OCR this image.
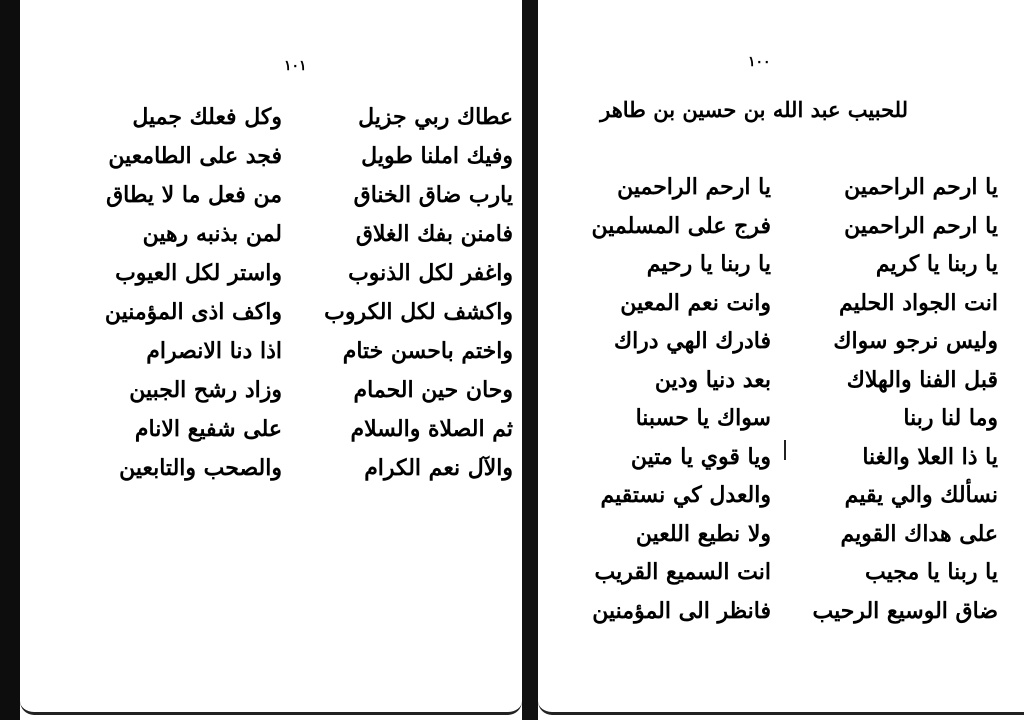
١٠١
عطاك ربي جزيل
وفيك املنا طويل
يارب ضاق الخناق
فامنن بفك الغلاق
واغفر لكل الذنوب
واكشف لكل الكروب
واختم باحسن ختام
وحان حين الحمام
ثم الصلاة والسلام
والآل نعم الكرام
وكل فعلك جميل
فجد على الطامعين
من فعل ما لا يطاق
لمن بذنبه رهين
واستر لكل العيوب
واكف اذى المؤمنين
اذا دنا الانصرام
وزاد رشح الجبين
على شفيع الانام
والصحب والتابعين
١٠٠
للحبيب عبد الله بن حسين بن طاهر
يا ارحم الراحمين
يا ارحم الراحمين
يا ربنا يا كريم
انت الجواد الحليم
وليس نرجو سواك
قبل الفنا والهلاك
وما لنا ربنا
يا ذا العلا والغنا
نسألك والي يقيم
على هداك القويم
يا ربنا يا مجيب
ضاق الوسيع الرحيب
يا ارحم الراحمين
فرج على المسلمين
يا ربنا يا رحيم
وانت نعم المعين
فادرك الهي دراك
بعد دنيا ودين
سواك يا حسبنا
ويا قوي يا متين
والعدل كي نستقيم
ولا نطيع اللعين
انت السميع القريب
فانظر الى المؤمنين
